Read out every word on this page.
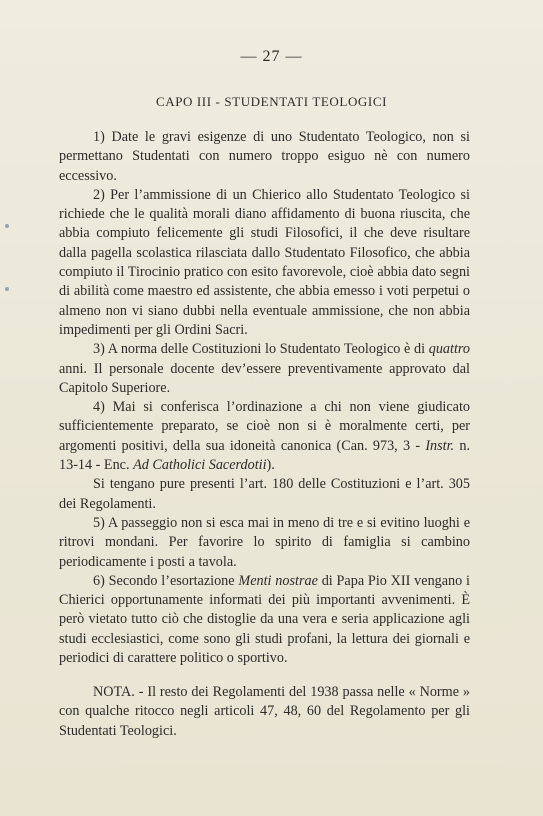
— 27 —
CAPO III - STUDENTATI TEOLOGICI

1) Date le gravi esigenze di uno Studentato Teologico, non si permettano Studentati con numero troppo esiguo nè con numero eccessivo.

2) Per l’ammissione di un Chierico allo Studentato Teologico si richiede che le qualità morali diano affidamento di buona riuscita, che abbia compiuto felicemente gli studi Filosofici, il che deve risultare dalla pagella scolastica rilasciata dallo Studentato Filosofico, che abbia compiuto il Tirocinio pratico con esito favorevole, cioè abbia dato segni di abilità come maestro ed assistente, che abbia emesso i voti perpetui o almeno non vi siano dubbi nella eventuale ammissione, che non abbia impedimenti per gli Ordini Sacri.

3) A norma delle Costituzioni lo Studentato Teologico è di quattro anni. Il personale docente dev’essere preventivamente approvato dal Capitolo Superiore.

4) Mai si conferisca l’ordinazione a chi non viene giudicato sufficientemente preparato, se cioè non si è moralmente certi, per argomenti positivi, della sua idoneità canonica (Can. 973, 3 - Instr. n. 13-14 - Enc. Ad Catholici Sacerdotii).

Si tengano pure presenti l’art. 180 delle Costituzioni e l’art. 305 dei Regolamenti.

5) A passeggio non si esca mai in meno di tre e si evitino luoghi e ritrovi mondani. Per favorire lo spirito di famiglia si cambino periodicamente i posti a tavola.

6) Secondo l’esortazione Menti nostrae di Papa Pio XII vengano i Chierici opportunamente informati dei più importanti avvenimenti. È però vietato tutto ciò che distoglie da una vera e seria applicazione agli studi ecclesiastici, come sono gli studi profani, la lettura dei giornali e periodici di carattere politico o sportivo.

NOTA. - Il resto dei Regolamenti del 1938 passa nelle « Norme » con qualche ritocco negli articoli 47, 48, 60 del Regolamento per gli Studentati Teologici.
